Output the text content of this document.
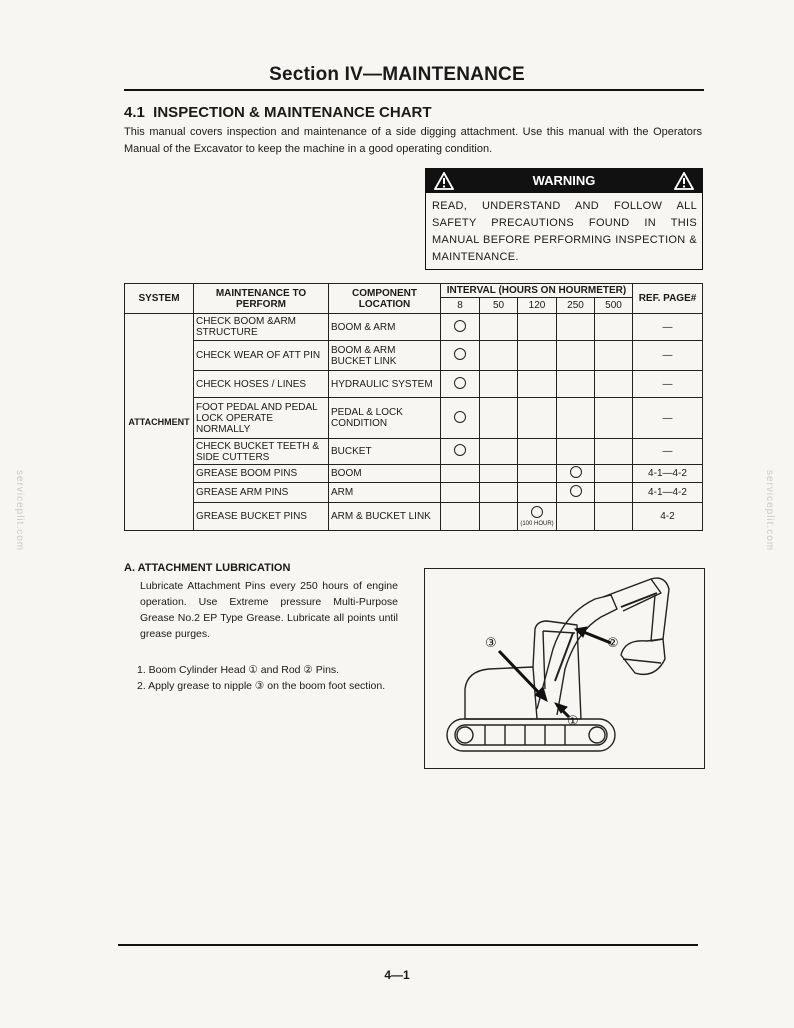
Section IV—MAINTENANCE
4.1  INSPECTION & MAINTENANCE CHART
This manual covers inspection and maintenance of a side digging attachment. Use this manual with the Operators Manual of the Excavator to keep the machine in a good operating condition.
WARNING
READ, UNDERSTAND AND FOLLOW ALL SAFETY PRECAUTIONS FOUND IN THIS MANUAL BEFORE PERFORMING INSPECTION & MAINTENANCE.
SYSTEM	MAINTENANCE TO PERFORM	COMPONENT LOCATION	INTERVAL (HOURS ON HOURMETER)					REF. PAGE#
			8	50	120	250	500	
ATTACHMENT	CHECK BOOM &ARM STRUCTURE	BOOM & ARM						—
	CHECK WEAR OF ATT PIN	BOOM & ARM BUCKET LINK						—
	CHECK HOSES / LINES	HYDRAULIC SYSTEM						—
	FOOT PEDAL AND PEDAL LOCK OPERATE NORMALLY	PEDAL & LOCK CONDITION						—
	CHECK BUCKET TEETH & SIDE CUTTERS	BUCKET						—
	GREASE BOOM PINS	BOOM						4-1—4-2
	GREASE ARM PINS	ARM						4-1—4-2
	GREASE BUCKET PINS	ARM & BUCKET LINK			(100 HOUR)			4-2
A. ATTACHMENT LUBRICATION
Lubricate Attachment Pins every 250 hours of engine operation. Use Extreme pressure Multi-Purpose Grease No.2 EP Type Grease. Lubricate all points until grease purges.
1. Boom Cylinder Head ① and Rod ② Pins.
2. Apply grease to nipple ③ on the boom foot section.
③	②
①
serviceplit.com	serviceplit.com
4—1
